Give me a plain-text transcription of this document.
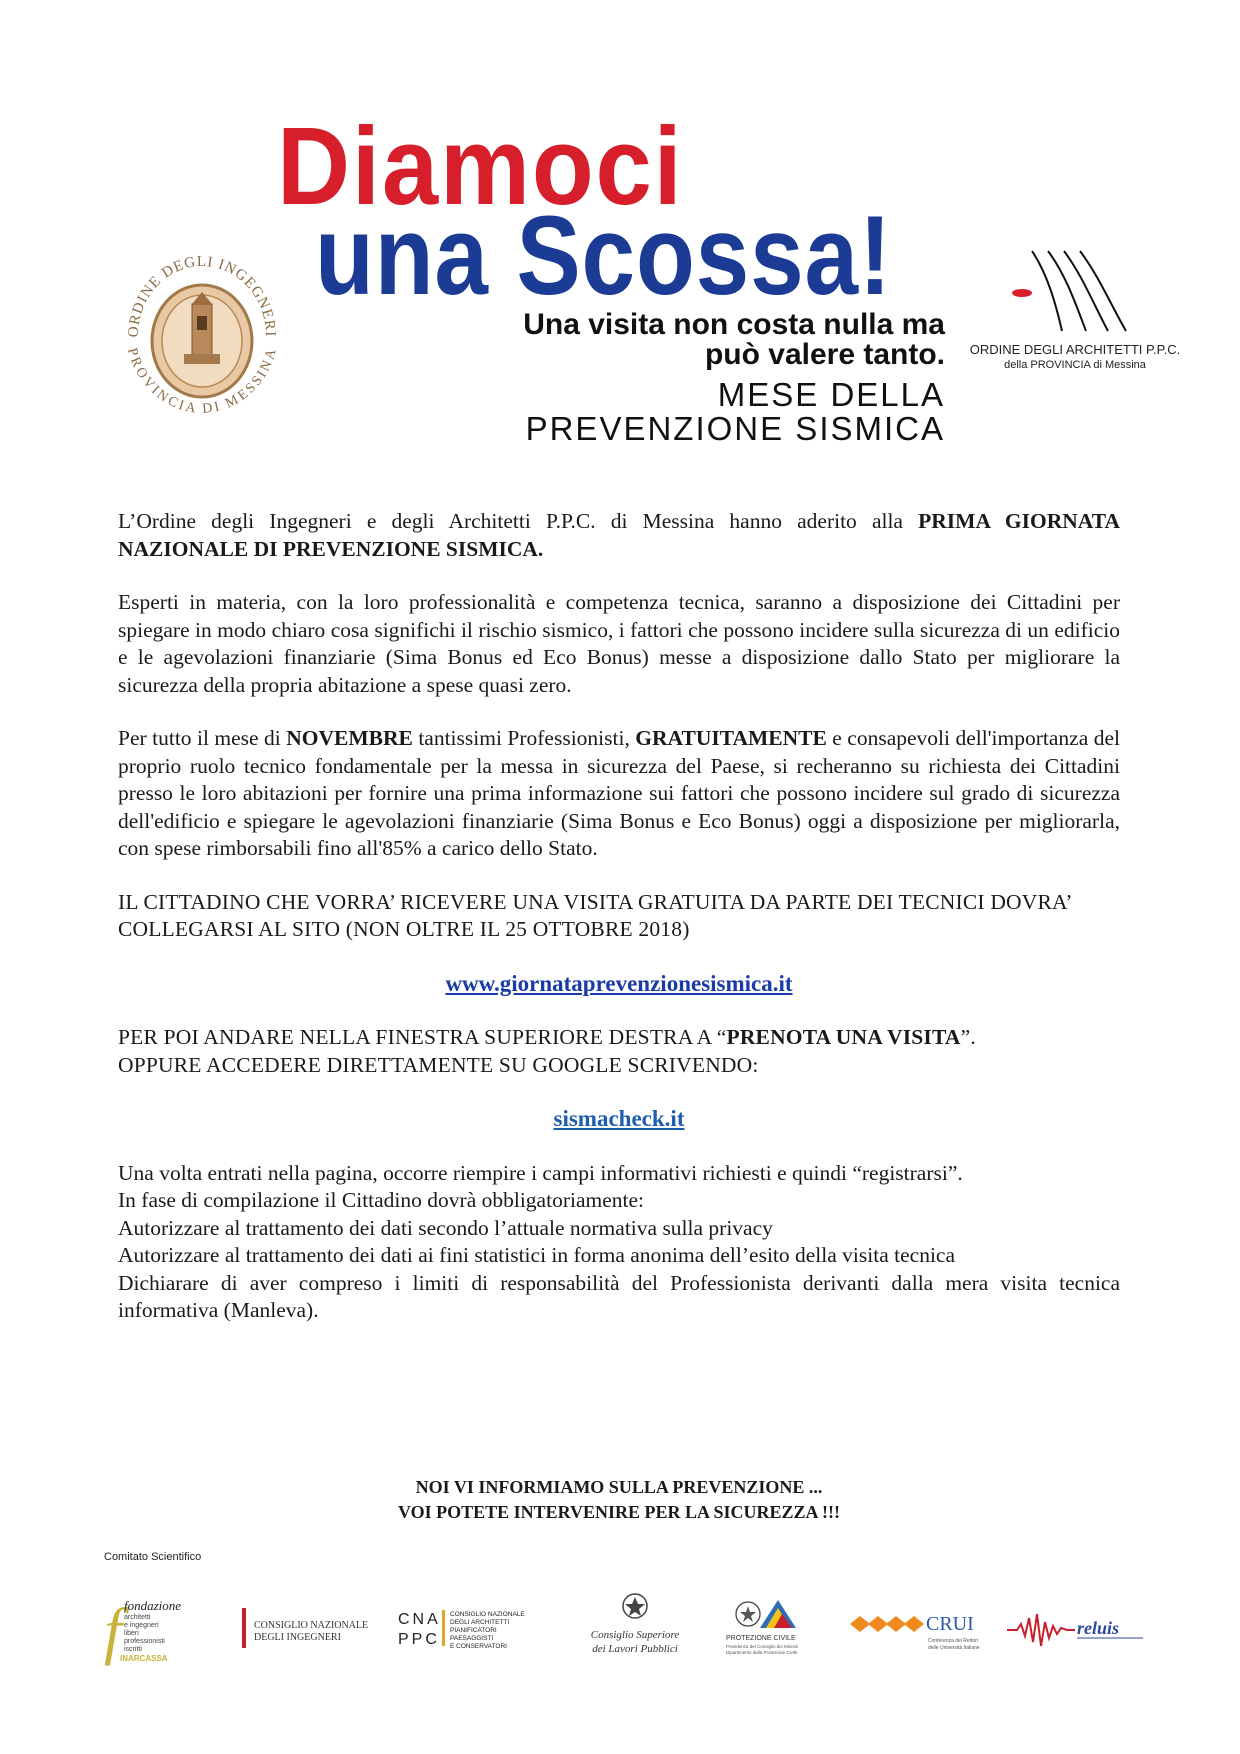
ORDINE DEGLI INGEGNERI
PROVINCIA DI MESSINA
Diamoci
una Scossa!
Una visita non costa nulla ma
può valere tanto.
MESE DELLA
PREVENZIONE SISMICA
ORDINE DEGLI ARCHITETTI P.P.C.
della PROVINCIA di Messina

L’Ordine degli Ingegneri e degli Architetti P.P.C. di Messina hanno aderito alla PRIMA GIORNATA NAZIONALE DI PREVENZIONE SISMICA.

Esperti in materia, con la loro professionalità e competenza tecnica, saranno a disposizione dei Cittadini per spiegare in modo chiaro cosa significhi il rischio sismico, i fattori che possono incidere sulla sicurezza di un edificio e le agevolazioni finanziarie (Sima Bonus ed Eco Bonus) messe a disposizione dallo Stato per migliorare la sicurezza della propria abitazione a spese quasi zero.

Per tutto il mese di NOVEMBRE tantissimi Professionisti, GRATUITAMENTE e consapevoli dell'importanza del proprio ruolo tecnico fondamentale per la messa in sicurezza del Paese, si recheranno su richiesta dei Cittadini presso le loro abitazioni per fornire una prima informazione sui fattori che possono incidere sul grado di sicurezza dell'edificio e spiegare le agevolazioni finanziarie (Sima Bonus e Eco Bonus) oggi a disposizione per migliorarla, con spese rimborsabili fino all'85% a carico dello Stato.

IL CITTADINO CHE VORRA’ RICEVERE UNA VISITA GRATUITA DA PARTE DEI TECNICI DOVRA’ COLLEGARSI AL SITO (NON OLTRE IL 25 OTTOBRE 2018)

www.giornataprevenzionesismica.it

PER POI ANDARE NELLA FINESTRA SUPERIORE DESTRA A “PRENOTA UNA VISITA”.
OPPURE ACCEDERE DIRETTAMENTE SU GOOGLE SCRIVENDO:

sismacheck.it

Una volta entrati nella pagina, occorre riempire i campi informativi richiesti e quindi “registrarsi”.
In fase di compilazione il Cittadino dovrà obbligatoriamente:
Autorizzare al trattamento dei dati secondo l’attuale normativa sulla privacy
Autorizzare al trattamento dei dati ai fini statistici in forma anonima dell’esito della visita tecnica
Dichiarare di aver compreso i limiti di responsabilità del Professionista derivanti dalla mera visita tecnica informativa (Manleva).
NOI VI INFORMIAMO SULLA PREVENZIONE ...
VOI POTETE INTERVENIRE PER LA SICUREZZA !!!
Comitato Scientifico
f fondazione
architetti
e ingegneri
liberi
professionisti
iscritti
INARCASSA
CONSIGLIO NAZIONALE
DEGLI INGEGNERI
CNA
PPC
CONSIGLIO NAZIONALE
DEGLI ARCHITETTI
PIANIFICATORI
PAESAGGISTI
E CONSERVATORI
Consiglio Superiore
dei Lavori Pubblici
PROTEZIONE CIVILE
Presidenza del Consiglio dei Ministri
Dipartimento della Protezione Civile
CRUI
Conferenza dei Rettori
delle Università Italiane
reluis
